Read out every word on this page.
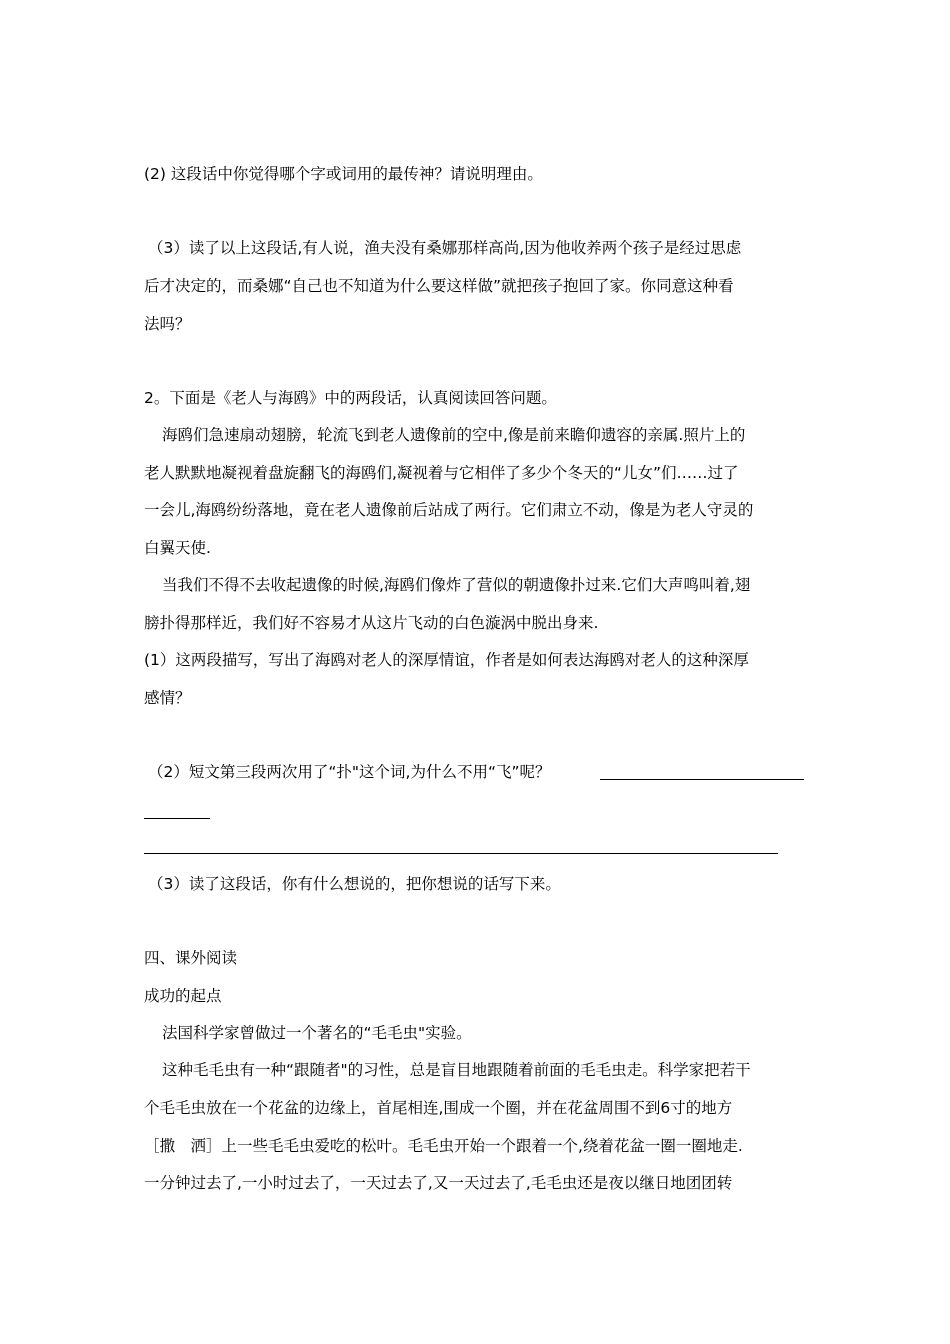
(2) 这段话中你觉得哪个字或词用的最传神？请说明理由。

（3）读了以上这段话,有人说，渔夫没有桑娜那样高尚,因为他收养两个孩子是经过思虑

后才决定的，而桑娜“自己也不知道为什么要这样做”就把孩子抱回了家。你同意这种看

法吗？

2。下面是《老人与海鸥》中的两段话，认真阅读回答问题。

海鸥们急速扇动翅膀，轮流飞到老人遗像前的空中,像是前来瞻仰遗容的亲属.照片上的

老人默默地凝视着盘旋翻飞的海鸥们,凝视着与它相伴了多少个冬天的“儿女”们……过了

一会儿,海鸥纷纷落地，竟在老人遗像前后站成了两行。它们肃立不动，像是为老人守灵的

白翼天使.

当我们不得不去收起遗像的时候,海鸥们像炸了营似的朝遗像扑过来.它们大声鸣叫着,翅

膀扑得那样近，我们好不容易才从这片飞动的白色漩涡中脱出身来.

(1）这两段描写，写出了海鸥对老人的深厚情谊，作者是如何表达海鸥对老人的这种深厚

感情？

（2）短文第三段两次用了“扑"这个词,为什么不用“飞”呢？

（3）读了这段话，你有什么想说的，把你想说的话写下来。

四、课外阅读

成功的起点

法国科学家曾做过一个著名的“毛毛虫"实验。

这种毛毛虫有一种“跟随者"的习性，总是盲目地跟随着前面的毛毛虫走。科学家把若干

个毛毛虫放在一个花盆的边缘上，首尾相连,围成一个圈，并在花盆周围不到6寸的地方

［撒　洒］上一些毛毛虫爱吃的松叶。毛毛虫开始一个跟着一个,绕着花盆一圈一圈地走.

一分钟过去了,一小时过去了，一天过去了,又一天过去了,毛毛虫还是夜以继日地团团转
